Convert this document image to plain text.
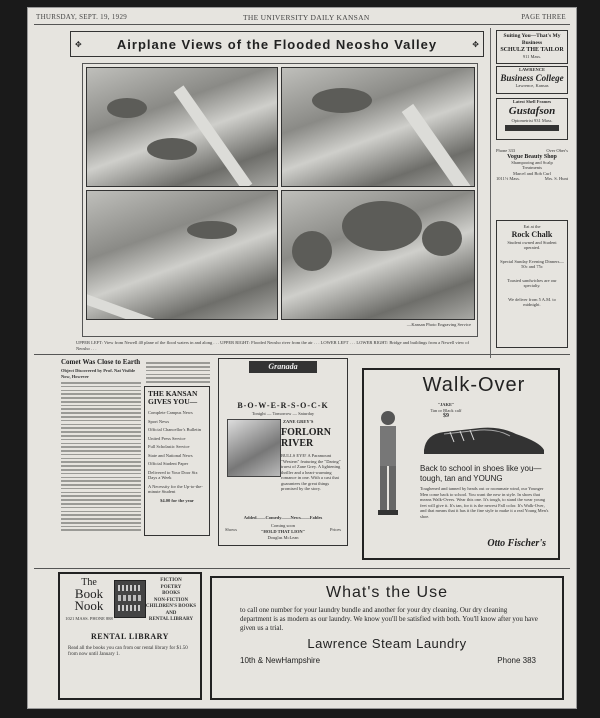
THURSDAY, SEPT. 19, 1929	THE UNIVERSITY DAILY KANSAN	PAGE THREE
✥	Airplane Views of the Flooded Neosho Valley	✥
—Kansan Photo Engraving Service
UPPER LEFT: View from Newell 40 plane of the flood waters in and along . . . UPPER RIGHT: Flooded Neosho river from the air . . . LOWER LEFT . . . LOWER RIGHT: Bridge and buildings from a Newell view of Neosho . . .
Suiting You—That's My
Business
SCHULZ THE TAILOR
911 Mass.
LAWRENCE
Business College
Lawrence, Kansas
Latest Shell Frames
Gustafson
Optometrist 931 Mass.
Phone 333	Over Ober's
Vogue Beauty Shop
Shampooing and Scalp
Treatments
Marcel and Bob Curl
1011½ Mass.	Mrs. S. Hunt
Eat at the
Rock Chalk
Student owned and Student operated.
Special Sunday Evening Dinners—
50c and 75c
Toasted sandwiches are our specialty.
We deliver from 5 A.M. to midnight.
Comet Was Close to Earth
Object Discovered by Prof. Nat Visible Now, However
THE KANSAN GIVES YOU—
Complete Campus News
Sport News
Official Chancellor's Bulletin
United Press Service
Full Scholastic Service
State and National News
Official Student Paper
Delivered to Your Door Six Days a Week
A Necessity for the Up-to-the-minute Student
$4.00 for the year
Granada
B-O-W-E-R-S-O-C-K
Tonight — Tomorrow — Saturday
ZANE GREY'S
FORLORN RIVER
BULLS EYE! A Paramount "Western" featuring the "Daring" truest of Zane Grey. A lightening thriller and a heart-warming romance in one. With a cast that guarantees the great things promised by the story.
Added——Comedy——News——Fables
Coming soon
"HOLD THAT LION"
Douglas McLean
Shows	Prices
Walk-Over
"JAKE"
Tan or Black calf
$9
Back to school in shoes like you—tough, tan and YOUNG
Toughened and tanned by heads out or roommate wind, our Younger Men come back to school. You want the new in style. In shoes that means Walk-Overs. Wear this one. It's tough, to stand the wear young feet will give it. It's tan, for it is the newest Fall color. It's Walk-Over, and that means that it has it the fine style to make it a real Young Men's shoe.
Otto Fischer's
The
Book
Nook
1021 MASS. PHONE 888
FICTION
POETRY
BOOKS
NON-FICTION
CHILDREN'S BOOKS
AND
RENTAL LIBRARY
RENTAL LIBRARY
Read all the books you can from our rental library for $1.50 from now until January 1.
What's the Use
to call one number for your laundry bundle and another for your dry cleaning. Our dry cleaning department is as modern as our laundry. We know you'll be satisfied with both. You'll know after you have given us a trial.
Lawrence Steam Laundry
10th & NewHampshire	Phone 383
